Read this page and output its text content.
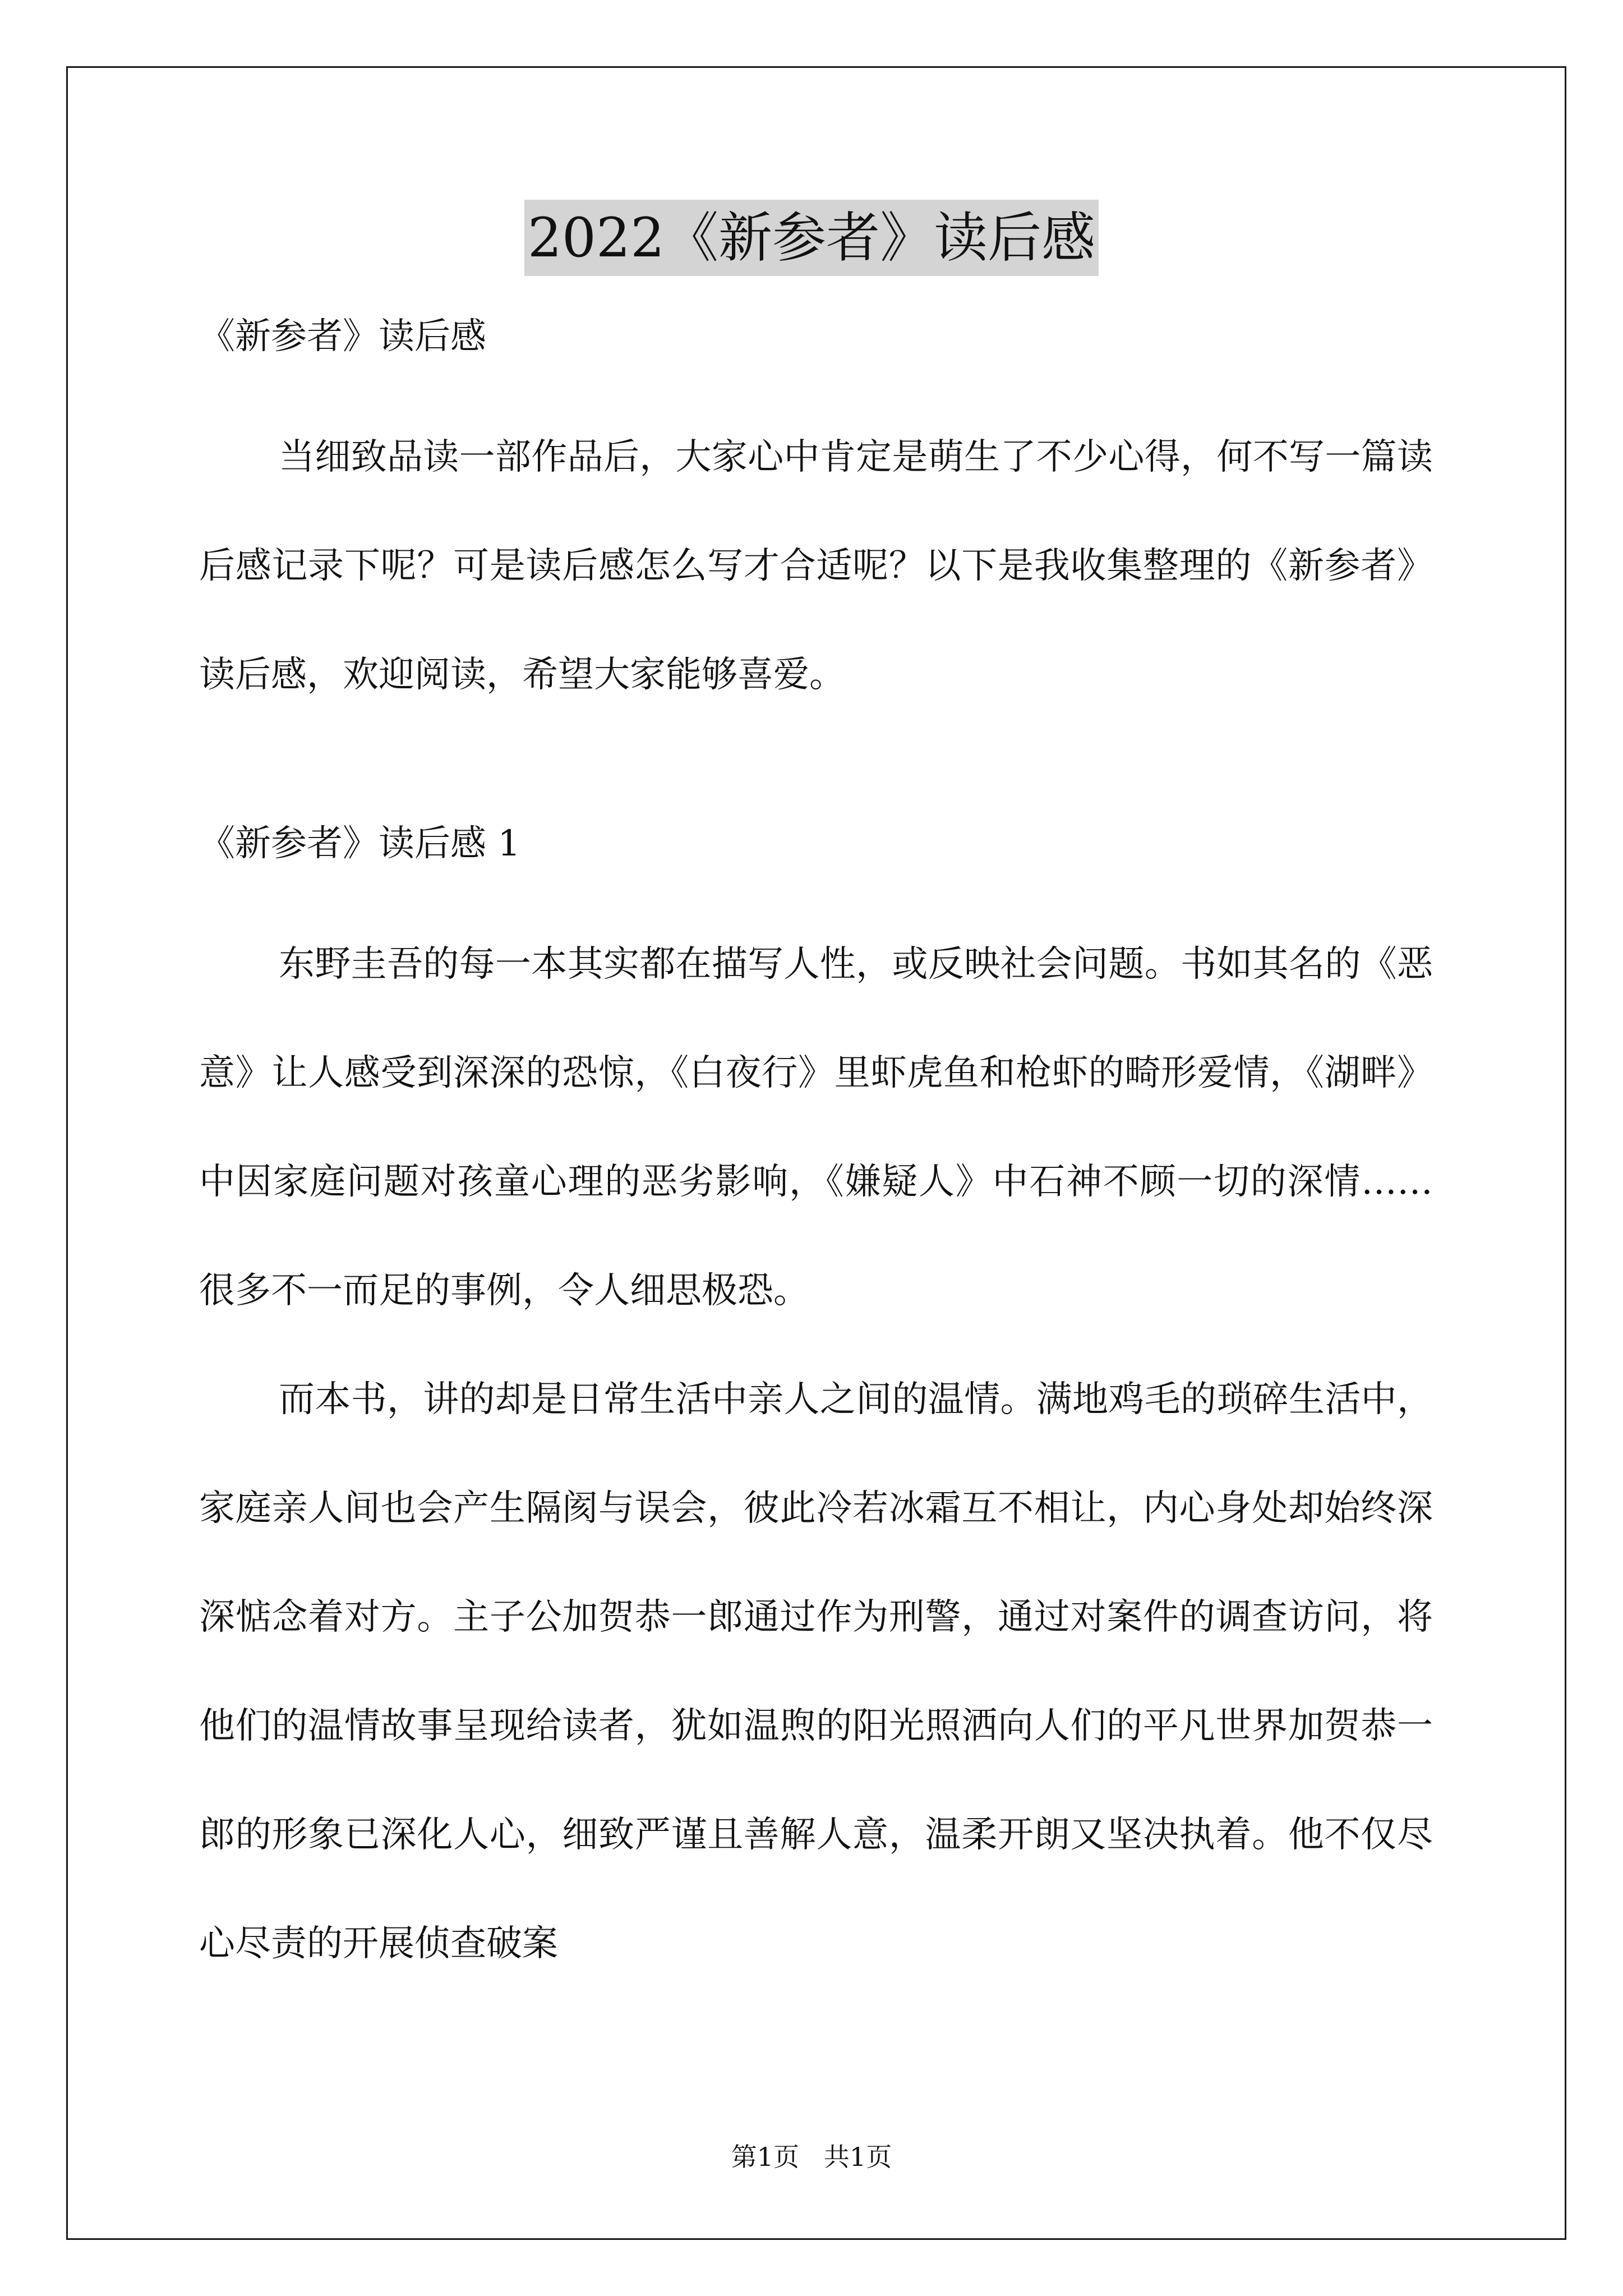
2022《新参者》读后感

《新参者》读后感

当细致品读一部作品后，大家心中肯定是萌生了不少心得，何不写一篇读后感记录下呢？可是读后感怎么写才合适呢？以下是我收集整理的《新参者》读后感，欢迎阅读，希望大家能够喜爱。

《新参者》读后感 1

东野圭吾的每一本其实都在描写人性，或反映社会问题。书如其名的《恶意》让人感受到深深的恐惊，《白夜行》里虾虎鱼和枪虾的畸形爱情，《湖畔》中因家庭问题对孩童心理的恶劣影响，《嫌疑人》中石神不顾一切的深情……很多不一而足的事例，令人细思极恐。

而本书，讲的却是日常生活中亲人之间的温情。满地鸡毛的琐碎生活中，家庭亲人间也会产生隔阂与误会，彼此冷若冰霜互不相让，内心身处却始终深深惦念着对方。主子公加贺恭一郎通过作为刑警，通过对案件的调查访问，将他们的温情故事呈现给读者，犹如温煦的阳光照洒向人们的平凡世界加贺恭一郎的形象已深化人心，细致严谨且善解人意，温柔开朗又坚决执着。他不仅尽心尽责的开展侦查破案

第1页   共1页
